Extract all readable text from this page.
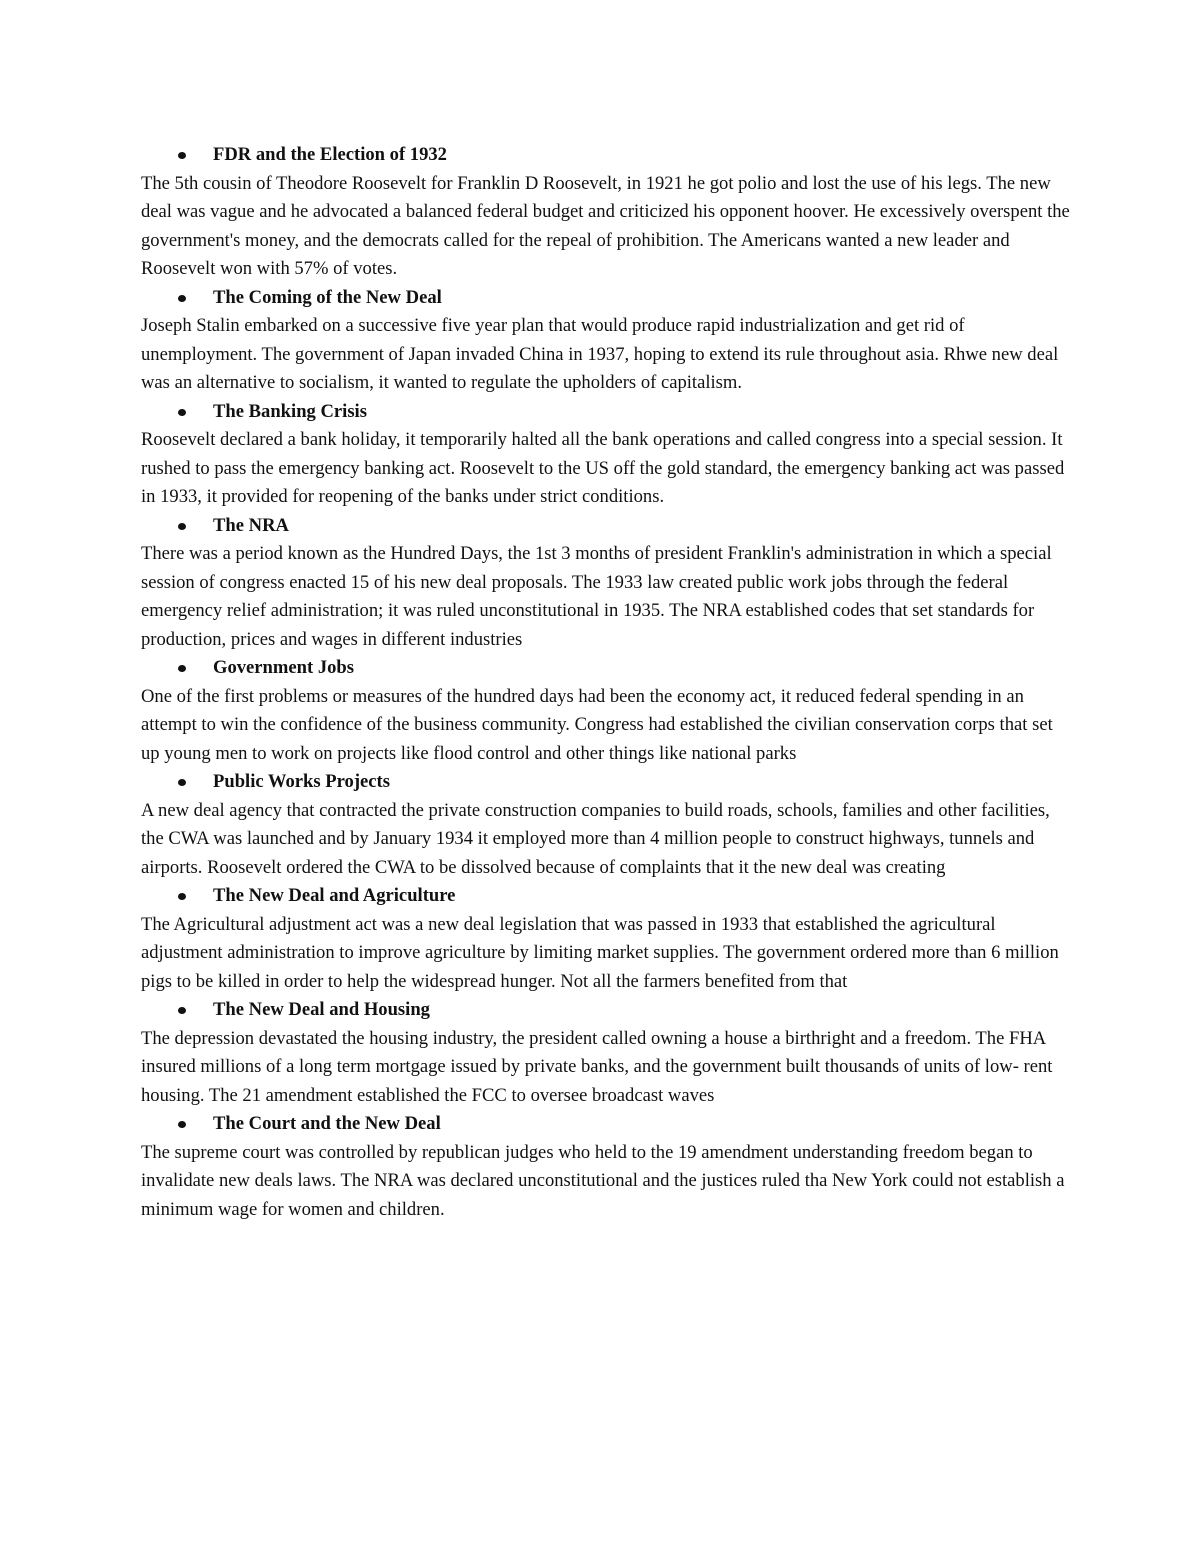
FDR and the Election of 1932

The 5th cousin of Theodore Roosevelt for Franklin D Roosevelt, in 1921 he got polio and lost the use of his legs. The new deal was vague and he advocated a balanced federal budget and criticized his opponent hoover. He excessively overspent the government's money, and the democrats called for the repeal of prohibition. The Americans wanted a new leader and Roosevelt won with 57% of votes.

The Coming of the New Deal

Joseph Stalin embarked on a successive five year plan that would produce rapid industrialization and get rid of unemployment. The government of Japan invaded China in 1937, hoping to extend its rule throughout asia. Rhwe new deal was an alternative to socialism, it wanted to regulate the upholders of capitalism.

The Banking Crisis

Roosevelt declared a bank holiday, it temporarily halted all the bank operations and called congress into a special session. It rushed to pass the emergency banking act. Roosevelt to the US off the gold standard, the emergency banking act was passed in 1933, it provided for reopening of the banks under strict conditions.

The NRA

There was a period known as the Hundred Days, the 1st 3 months of president Franklin's administration in which a special session of congress enacted 15 of his new deal proposals. The 1933 law created public work jobs through the federal emergency relief administration; it was ruled unconstitutional in 1935. The NRA established codes that set standards for production, prices and wages in different industries

Government Jobs

One of the first problems or measures of the hundred days had been the economy act, it reduced federal spending in an attempt to win the confidence of the business community. Congress had established the civilian conservation corps that set up young men to work on projects like flood control and other things like national parks

Public Works Projects

A new deal agency that contracted the private construction companies to build roads, schools, families and other facilities, the CWA was launched and by January 1934 it employed more than 4 million people to construct highways, tunnels and airports. Roosevelt ordered the CWA to be dissolved because of complaints that it the new deal was creating

The New Deal and Agriculture

The Agricultural adjustment act was a new deal legislation that was passed in 1933 that established the agricultural adjustment administration to improve agriculture by limiting market supplies. The government ordered more than 6 million pigs to be killed in order to help the widespread hunger. Not all the farmers benefited from that

The New Deal and Housing

The depression devastated the housing industry, the president called owning a house a birthright and a freedom. The FHA insured millions of a long term mortgage issued by private banks, and the government built thousands of units of low- rent housing. The 21 amendment established the FCC to oversee broadcast waves

The Court and the New Deal

The supreme court was controlled by republican judges who held to the 19 amendment understanding freedom began to invalidate new deals laws. The NRA was declared unconstitutional and the justices ruled tha New York could not establish a minimum wage for women and children.
